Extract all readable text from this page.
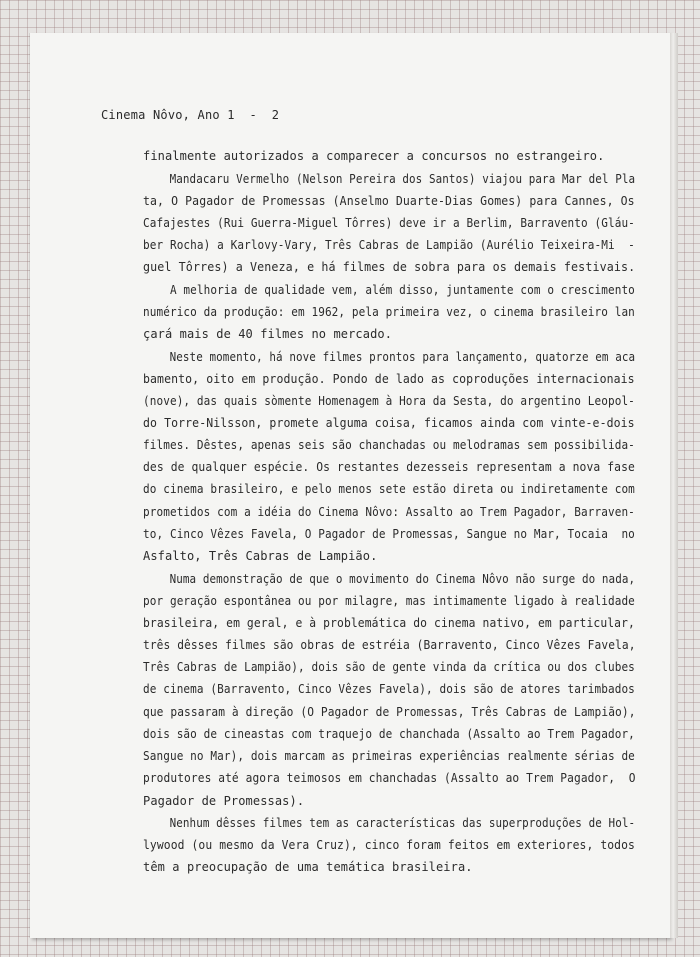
Cinema Nôvo, Ano 1  -  2
finalmente autorizados a comparecer a concursos no estrangeiro.
Mandacaru Vermelho (Nelson Pereira dos Santos) viajou para Mar del Pla
ta, O Pagador de Promessas (Anselmo Duarte-Dias Gomes) para Cannes, Os
Cafajestes (Rui Guerra-Miguel Tôrres) deve ir a Berlim, Barravento (Gláu-
ber Rocha) a Karlovy-Vary, Três Cabras de Lampião (Aurélio Teixeira-Mi  -
guel Tôrres) a Veneza, e há filmes de sobra para os demais festivais.
A melhoria de qualidade vem, além disso, juntamente com o crescimento
numérico da produção: em 1962, pela primeira vez, o cinema brasileiro lan
çará mais de 40 filmes no mercado.
Neste momento, há nove filmes prontos para lançamento, quatorze em aca
bamento, oito em produção. Pondo de lado as coproduções internacionais
(nove), das quais sòmente Homenagem à Hora da Sesta, do argentino Leopol-
do Torre-Nilsson, promete alguma coisa, ficamos ainda com vinte-e-dois
filmes. Dêstes, apenas seis são chanchadas ou melodramas sem possibilida-
des de qualquer espécie. Os restantes dezesseis representam a nova fase
do cinema brasileiro, e pelo menos sete estão direta ou indiretamente com
prometidos com a idéia do Cinema Nôvo: Assalto ao Trem Pagador, Barraven-
to, Cinco Vêzes Favela, O Pagador de Promessas, Sangue no Mar, Tocaia  no
Asfalto, Três Cabras de Lampião.
Numa demonstração de que o movimento do Cinema Nôvo não surge do nada,
por geração espontânea ou por milagre, mas intimamente ligado à realidade
brasileira, em geral, e à problemática do cinema nativo, em particular,
três dêsses filmes são obras de estréia (Barravento, Cinco Vêzes Favela,
Três Cabras de Lampião), dois são de gente vinda da crítica ou dos clubes
de cinema (Barravento, Cinco Vêzes Favela), dois são de atores tarimbados
que passaram à direção (O Pagador de Promessas, Três Cabras de Lampião),
dois são de cineastas com traquejo de chanchada (Assalto ao Trem Pagador,
Sangue no Mar), dois marcam as primeiras experiências realmente sérias de
produtores até agora teimosos em chanchadas (Assalto ao Trem Pagador,  O
Pagador de Promessas).
Nenhum dêsses filmes tem as características das superproduções de Hol-
lywood (ou mesmo da Vera Cruz), cinco foram feitos em exteriores, todos
têm a preocupação de uma temática brasileira.
